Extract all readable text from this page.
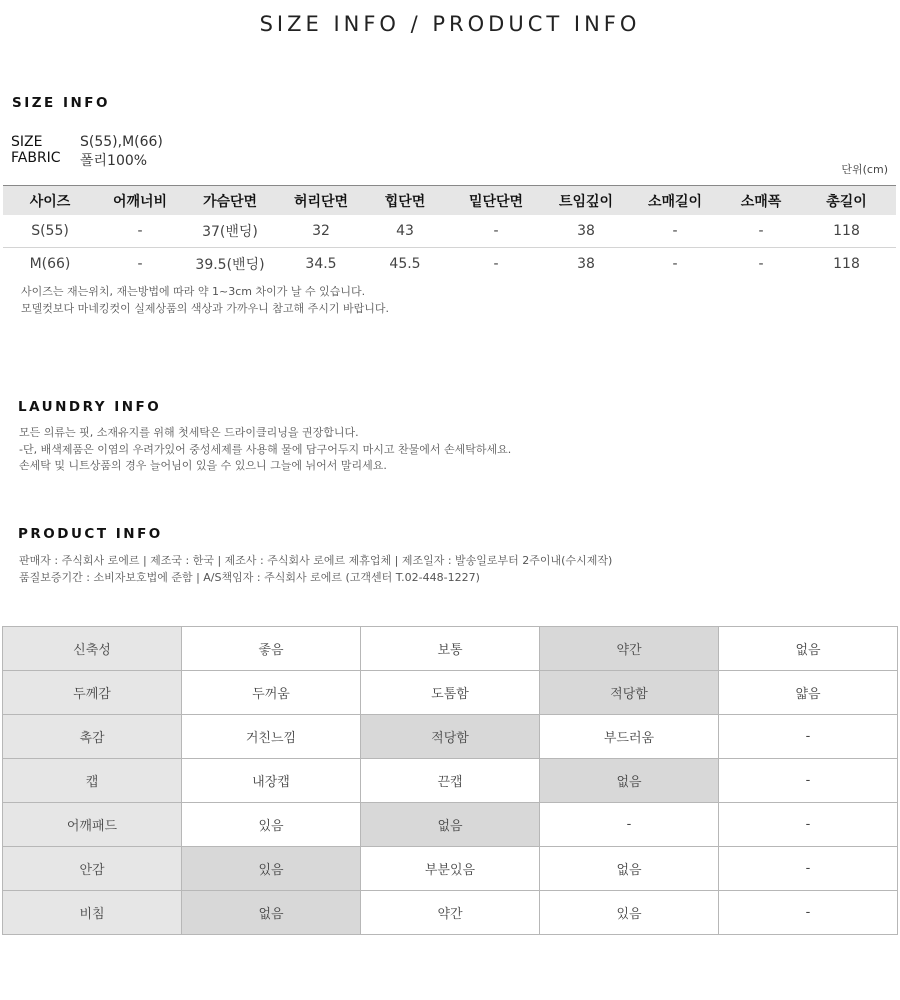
SIZE INFO / PRODUCT INFO
SIZE INFO
SIZE	S(55),M(66)
FABRIC 폴리100%
단위(cm)
사이즈	어깨너비	가슴단면	허리단면	힙단면	밑단단면	트임깊이	소매길이	소매폭	총길이
S(55)	-	37(밴딩)	32	43	-	38	-	-	118
M(66)	-	39.5(밴딩)	34.5	45.5	-	38	-	-	118
사이즈는 재는위치, 재는방법에 따라 약 1~3cm 차이가 날 수 있습니다.
모델컷보다 마네킹컷이 실제상품의 색상과 가까우니 참고해 주시기 바랍니다.
LAUNDRY INFO
모든 의류는 핏, 소재유지를 위해 첫세탁은 드라이클리닝을 권장합니다.
-단, 배색제품은 이염의 우려가있어 중성세제를 사용해 물에 담구어두지 마시고 찬물에서 손세탁하세요.
손세탁 및 니트상품의 경우 늘어님이 있을 수 있으니 그늘에 뉘어서 말리세요.
PRODUCT INFO
판매자 : 주식회사 로에르 | 제조국 : 한국 | 제조사 : 주식회사 로에르 제휴업체 | 제조일자 : 발송일로부터 2주이내(수시제작)
품질보증기간 : 소비자보호법에 준함 | A/S책임자 : 주식회사 로에르 (고객센터 T.02-448-1227)
신축성	좋음	보통	약간	없음
두께감	두꺼움	도톰함	적당함	얇음
촉감	거친느낌	적당함	부드러움	-
캡	내장캡	끈캡	없음	-
어깨패드	있음	없음	-	-
안감	있음	부분있음	없음	-
비침	없음	약간	있음	-
